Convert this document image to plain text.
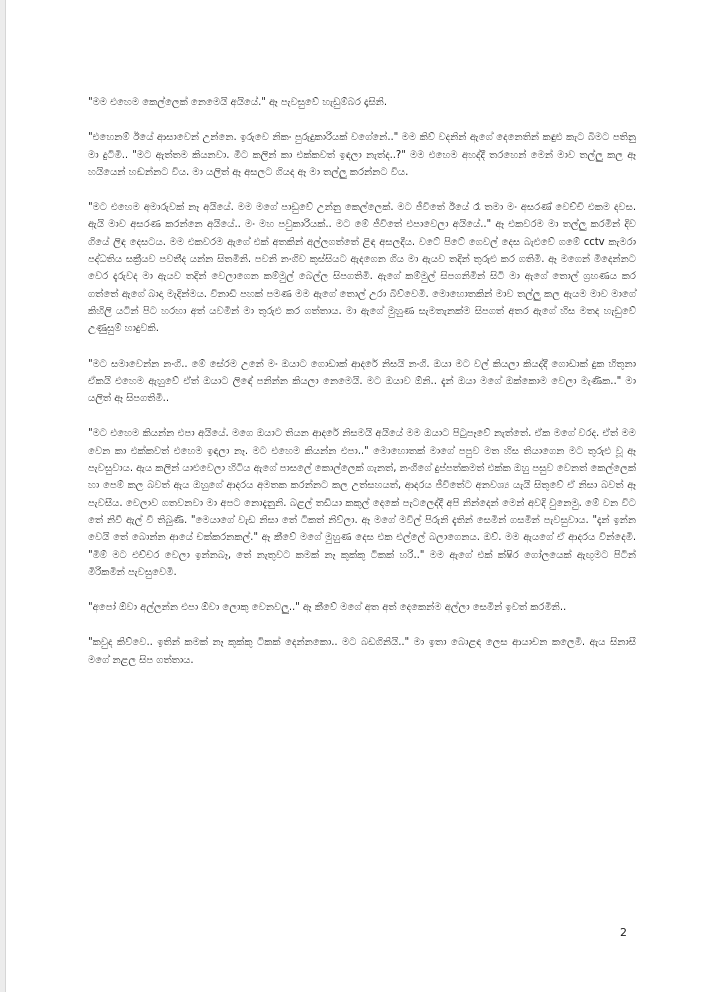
"මම එහෙම කෙල්ලෙක් නෙමෙයි අයියේ." ඈ පැවසුවේ හැඩුම්බර දෑසිනි.

"එහෙනම් ඊයේ ආසාවෙන් උන්නෙ. ඉරුවෙ නිකං පුරුදුකාරියක් වගේනේ.." මම කිව් වදනින් ඇගේ දෙනෙතින් කඳුළු කැට බිමට පතිනු මා දුටිමි.. "මට ඇත්තම කියනවා. මීට කලින් කා එක්කවත් ඉඳලා නැත්ද..?" මම එහෙම අහද්දී තරහෙන් මෙන් මාව තල්ලු කල ඈ හයියෙන් හඬන්නට විය. මා යලිත් ඈ අසලට ගියද ඈ මා තල්ලු කරන්නට විය.

"මට එහෙම අමාරුවක් නෑ අයියේ. මම මගේ පාඩුවේ උන්නු කෙල්ලෙක්. මට ජීවිතේ ඊයේ රෑ තමා මං අසරණ් වෙච්චි එකම දවස. ඇයි මාව අසරණ කරන්නෙ අයියේ.. මං මහ පවුකාරියක්.. මට මේ ජීවිතේ එපාවෙලා අයියේ.." ඈ එකවරම මා තල්ලු කරමින් දිව ගියේ ලිඳ දෙසටය. මම එකවරම ඇගේ එක් අතකින් අල්ලගත්තේ ළිඳ අසලදීය. වටේ පිටේ ගෙවල් දෙස බැළුවේ ගමේ cctv කැමරා පද්ධතිය සක්‍රීයව පවතීද යන්න සිතමිනි. පවනි නංගිව කුස්සියට ඇදගෙන ගිය මා ඇයව තදින් තුරුළු කර ගතිමි. ඈ මගෙන් මිදෙන්නට වෙර දැරුවද මා ඇයව තදින් වෙලාගෙන කම්මුල් බෙල්ල සිපගතිමි. ඇගේ කම්මුල් සිපගනිමින් සිටි මා ඇගේ තොල් ග්‍රහණය කර ගත්තේ ඇගේ බාදා මැදින්මය. විනාඩි පහක් පමණ මම ඇගේ තොල් උරා බිව්වෙමි. මොහොතකින් මාව තල්ලු කල ඇයම මාව මාගේ කිහිලි යටින් පිට හරහා අත් යවමින් මා තුරුළු කර ගත්තාය. මා ඇගේ මුහුණ සැමතැනක්ම සිපගත් අතර ඇගේ හිස මතද හැඩුවේ උණුසුම් හාදුවකි.

"මට සමාවෙන්න නංගි.. මේ සේරම උනේ මං ඔයාට ගොඩාක් ආදරේ නිසයි නංගි. ඔයා මට වල් කියලා කියද්දී ගොඩාක් දුක හිතුනා ඒකයි එහෙම ඇහුවේ ඒත් ඔයාට ලිඳේ පනින්න කියලා නෙමෙයි. මට ඔයාව ඕනි.. දැන් ඔයා මගේ ඔක්කොම වෙලා මැණික.." මා යලිත් ඈ සිපගතිමි..

"මට එහෙම කියන්න එපා අයියේ. මගෙ ඔයාට තියන ආදරේ නිසමයි අයියේ මම ඔයාට පිටුපෑවේ නැත්තේ. ඒක මගේ වරද. ඒත් මම වෙන කා එක්කවත් එහෙම ඉඳලා නෑ. මට එහෙම කියන්න එපා.." මොහොතක් මාගේ පපුව මත හිස තියාගෙන මට තුරුළු වූ ඈ පැවසුවාය. ඇය කලින් යාළුවෙලා හිටිය ඇගේ පාසලේ කොල්ලෙක් ගැනත්, නංගිගේ දුප්පත්කමත් එක්ක ඔහු පසුව වෙනත් කෙල්ලෙක් හා පෙම් කල බවත් ඇය ඔහුගේ ආදරය අමතක කරන්නට කල උත්සහයත්, ආදරය ජීවිතේට අනවශ්‍ය යැයි සිතුවේ ඒ නිසා බවත් ඈ පැවසීය. වෙලාව ගතවනවා මා අපට නොදැනුනි. බළල් තඩියා කකුල් දෙකේ පැටලෙද්දී අපි නින්දෙන් මෙන් අවදි වුනෙමු. මේ වන විට තේ නිවී ඇල් වී තිබුණි. "මෙයාගේ වැඩ නිසා තේ ටිකත් නිව්ලා. ඈ මගේ මවිල් පිරුනි දැතින් සෙමින් ගසමින් පැවසුවාය. "දැන් ඉන්න වෙයි තේ බොන්න ආයේ චක්කරනකල්." ඈ කීවේ මගේ මුහුණ දෙස එක එල්ලේ බලාගෙනය. ඔව්. මම ඇයගේ ඒ ආදරය වින්දෙමි. "මිම් මට එච්චර වෙලා ඉන්නබෑ, තේ නැතුවට කමක් නෑ කුක්කු ටිකක් හරි.." මම ඇගේ එක් ක්ෂිර ගෝලයෙක් ඇඟුමට පිටින් මිරිකමින් පැවසුවෙමි.

"අපෝ ඕවා අල්ලන්න එපා ඕවා ලොකු වෙනවලු.." ඈ කීවේ මගේ අත අත් දෙකෙන්ම අල්ලා සෙමින් ඉවත් කරමිනි..

"කවුද කිව්වෙ.. ඉතින් කමක් නෑ කුක්කු ටිකක් දෙන්නකො.. මට බඩගිනියි.." මා ඉතා බොළඳ ලෙස ආයාචන කලෙමි. ඇය සිනාසී මගේ නළල සිප ගත්තාය.

2
